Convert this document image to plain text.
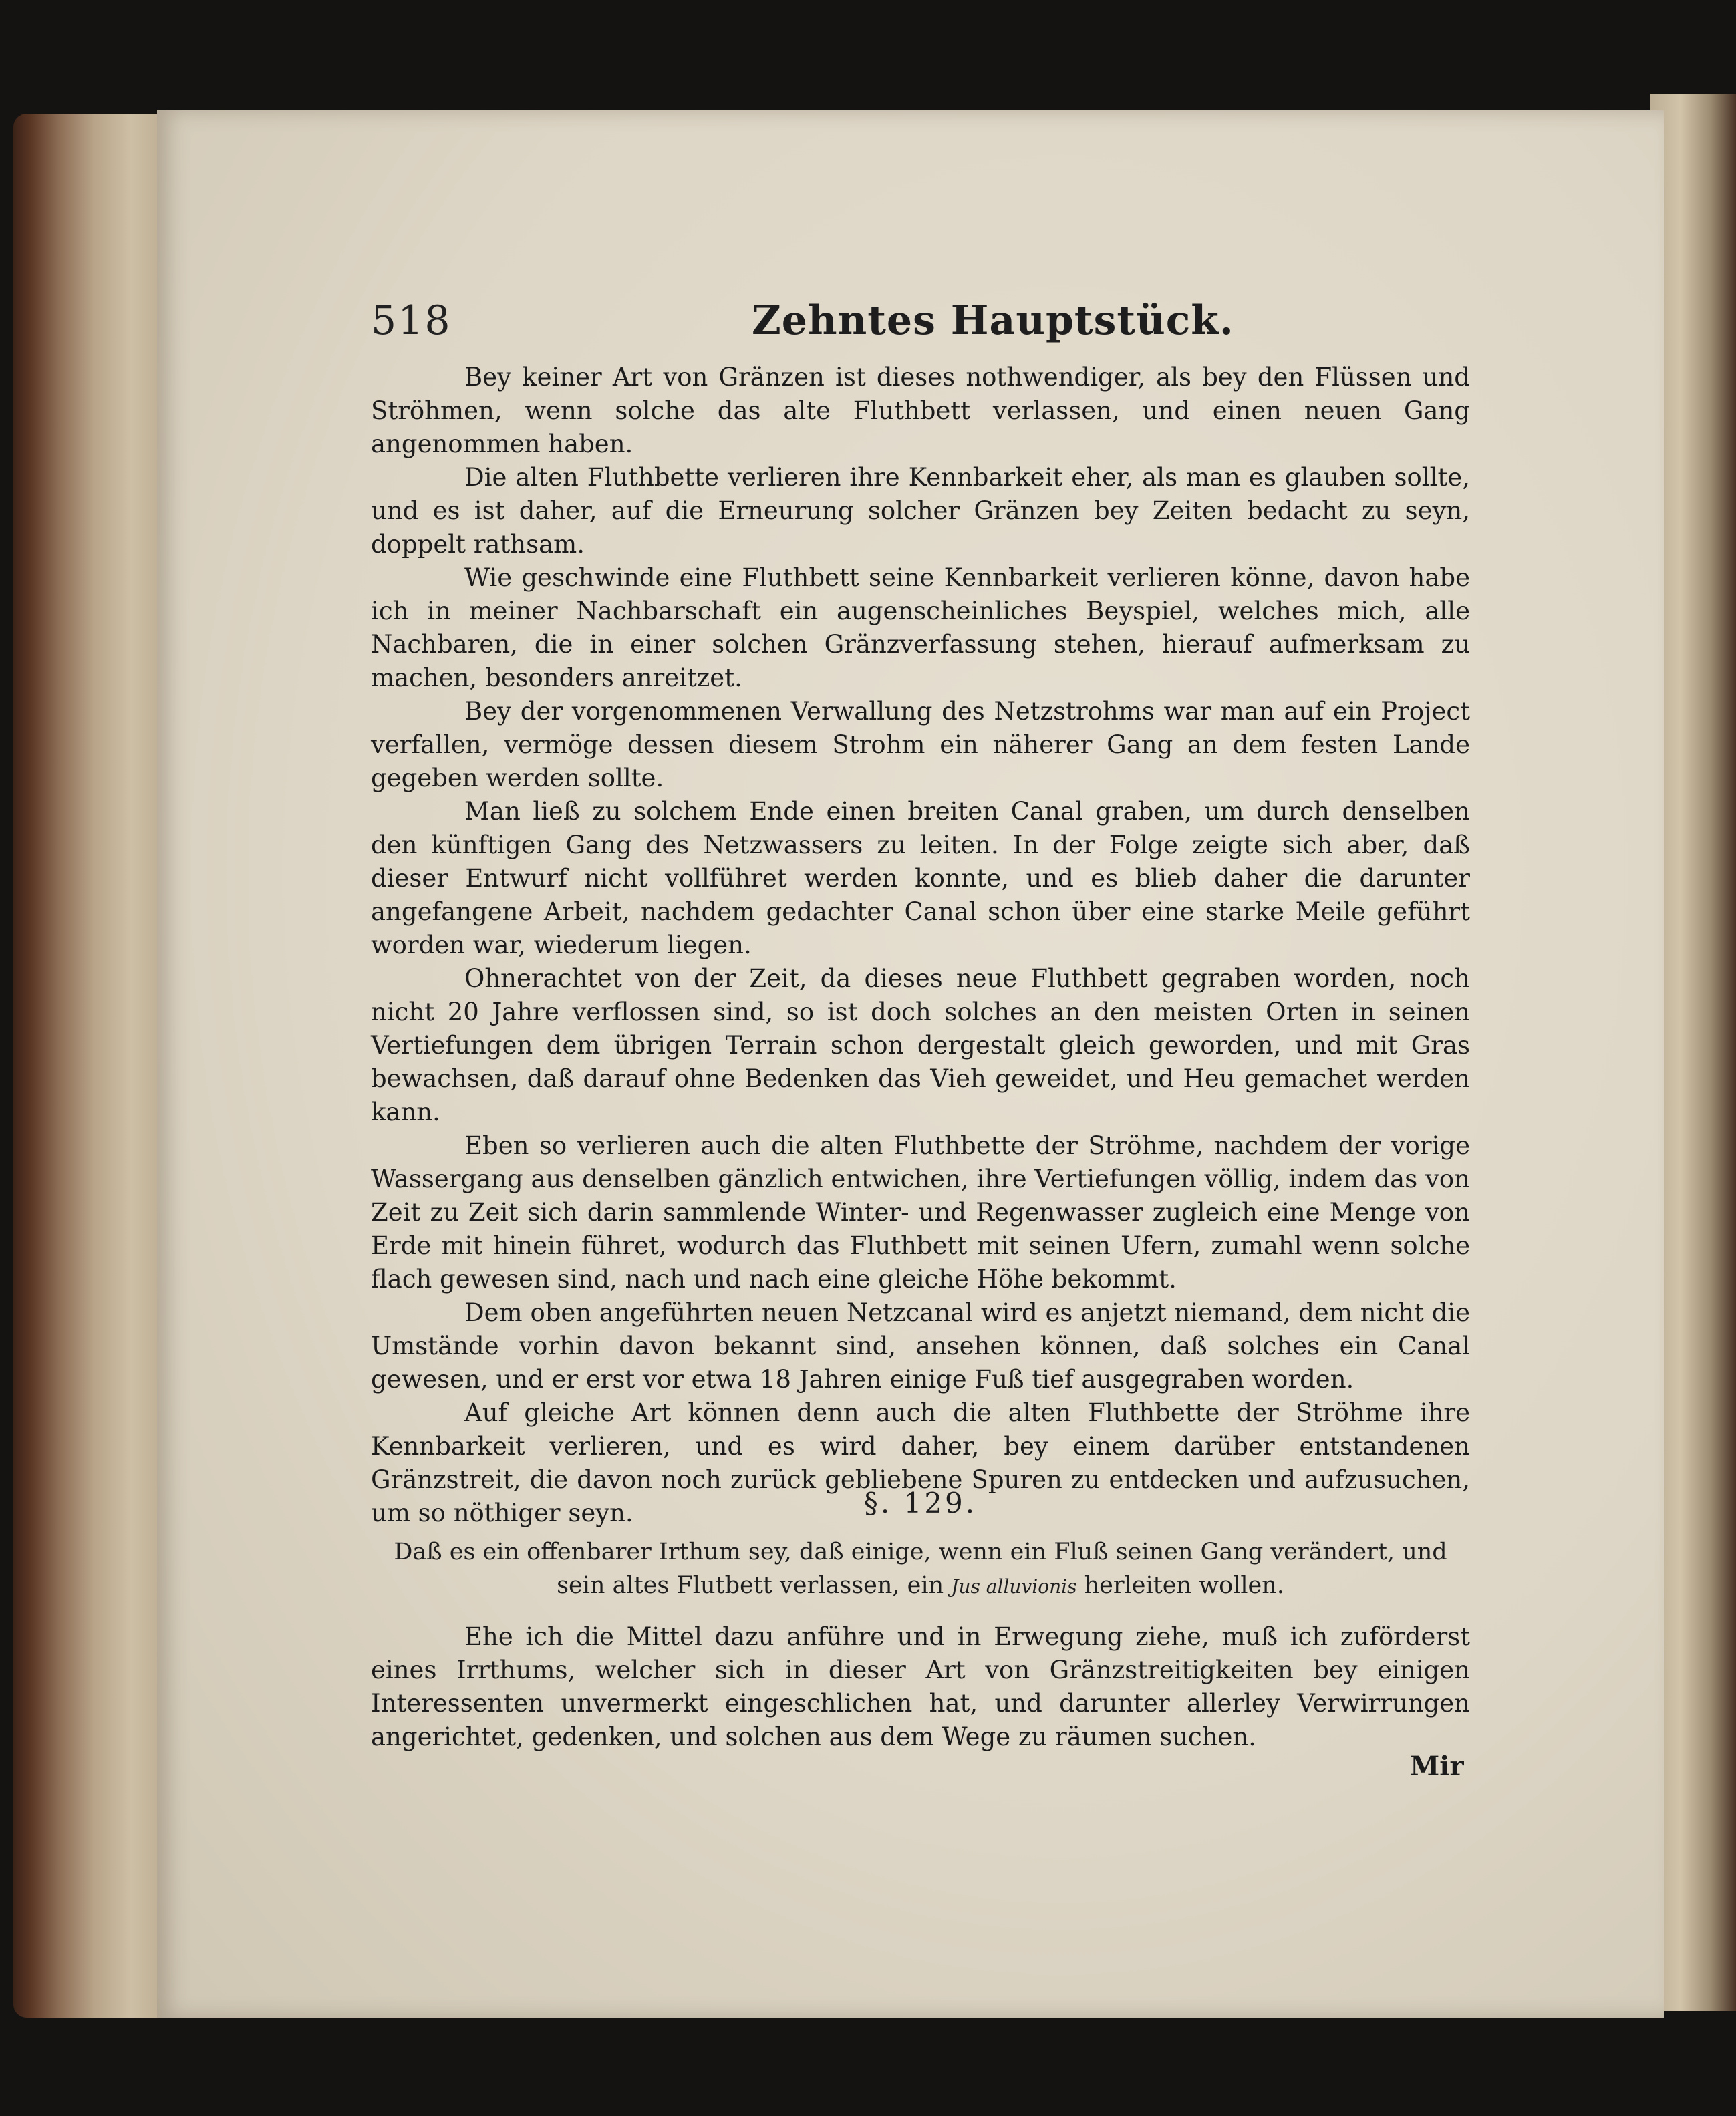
518	Zehntes Hauptstück.

Bey keiner Art von Gränzen ist dieses nothwendiger, als bey den Flüssen und Ströhmen, wenn solche das alte Fluthbett verlassen, und einen neuen Gang angenommen haben.

Die alten Fluthbette verlieren ihre Kennbarkeit eher, als man es glauben sollte, und es ist daher, auf die Erneurung solcher Gränzen bey Zeiten bedacht zu seyn, doppelt rathsam.

Wie geschwinde eine Fluthbett seine Kennbarkeit verlieren könne, davon habe ich in meiner Nachbarschaft ein augenscheinliches Beyspiel, welches mich, alle Nachbaren, die in einer solchen Gränzverfassung stehen, hierauf aufmerksam zu machen, besonders anreitzet.

Bey der vorgenommenen Verwallung des Netzstrohms war man auf ein Project verfallen, vermöge dessen diesem Strohm ein näherer Gang an dem festen Lande gegeben werden sollte.

Man ließ zu solchem Ende einen breiten Canal graben, um durch denselben den künftigen Gang des Netzwassers zu leiten. In der Folge zeigte sich aber, daß dieser Entwurf nicht vollführet werden konnte, und es blieb daher die darunter angefangene Arbeit, nachdem gedachter Canal schon über eine starke Meile geführt worden war, wiederum liegen.

Ohnerachtet von der Zeit, da dieses neue Fluthbett gegraben worden, noch nicht 20 Jahre verflossen sind, so ist doch solches an den meisten Orten in seinen Vertiefungen dem übrigen Terrain schon dergestalt gleich geworden, und mit Gras bewachsen, daß darauf ohne Bedenken das Vieh geweidet, und Heu gemachet werden kann.

Eben so verlieren auch die alten Fluthbette der Ströhme, nachdem der vorige Wassergang aus denselben gänzlich entwichen, ihre Vertiefungen völlig, indem das von Zeit zu Zeit sich darin sammlende Winter- und Regenwasser zugleich eine Menge von Erde mit hinein führet, wodurch das Fluthbett mit seinen Ufern, zumahl wenn solche flach gewesen sind, nach und nach eine gleiche Höhe bekommt.

Dem oben angeführten neuen Netzcanal wird es anjetzt niemand, dem nicht die Umstände vorhin davon bekannt sind, ansehen können, daß solches ein Canal gewesen, und er erst vor etwa 18 Jahren einige Fuß tief ausgegraben worden.

Auf gleiche Art können denn auch die alten Fluthbette der Ströhme ihre Kennbarkeit verlieren, und es wird daher, bey einem darüber entstandenen Gränzstreit, die davon noch zurück gebliebene Spuren zu entdecken und aufzusuchen, um so nöthiger seyn.	§. 129.
Daß es ein offenbarer Irthum sey, daß einige, wenn ein Fluß seinen Gang verändert, und sein altes Flutbett verlassen, ein Jus alluvionis herleiten wollen.

Ehe ich die Mittel dazu anführe und in Erwegung ziehe, muß ich zuförderst eines Irrthums, welcher sich in dieser Art von Gränzstreitigkeiten bey einigen Interessenten unvermerkt eingeschlichen hat, und darunter allerley Verwirrungen angerichtet, gedenken, und solchen aus dem Wege zu räumen suchen.

Mir
